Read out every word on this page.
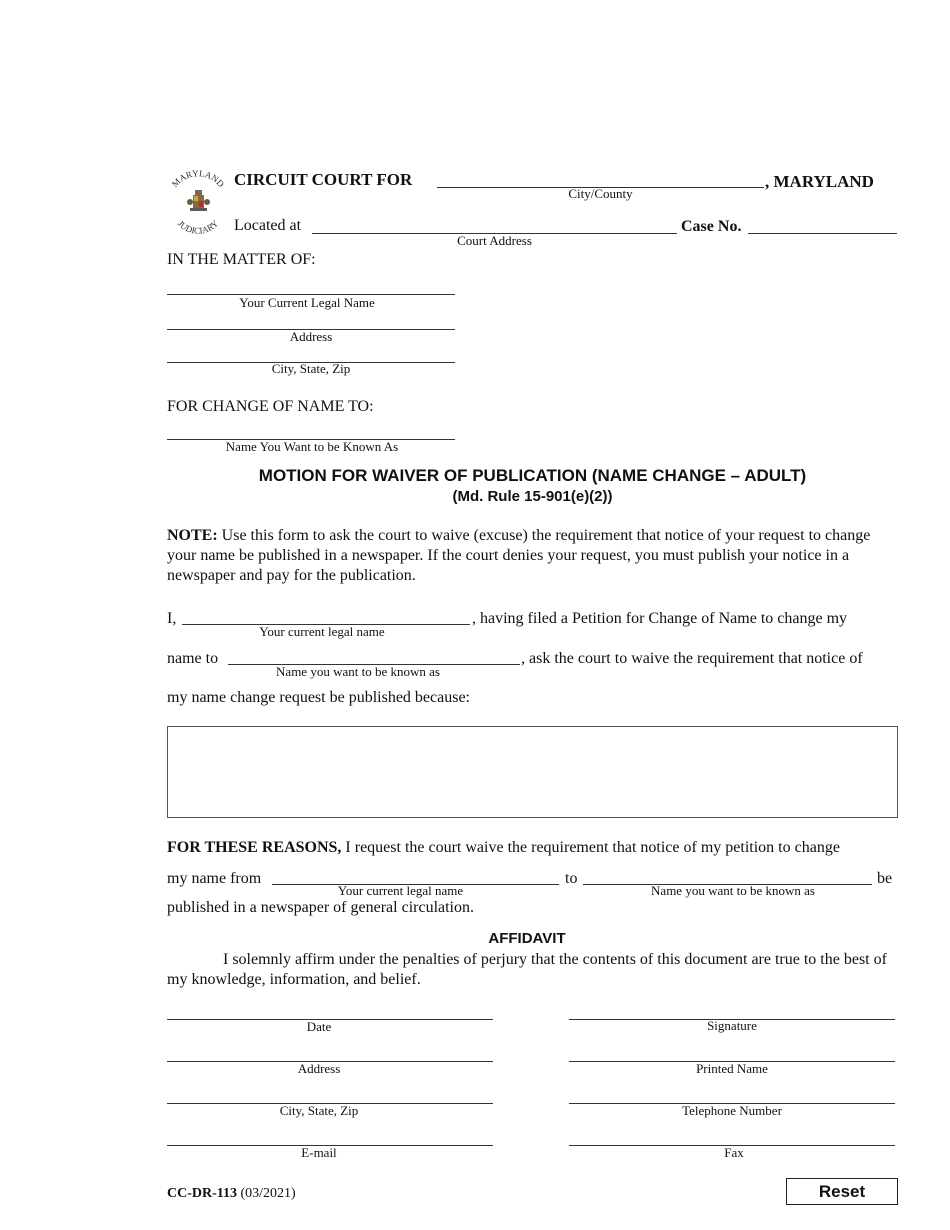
MARYLAND
JUDICIARY
CIRCUIT COURT FOR
City/County
, MARYLAND
Located at
Court Address
Case No.
IN THE MATTER OF:
Your Current Legal Name
Address
City, State, Zip
FOR CHANGE OF NAME TO:
Name You Want to be Known As
MOTION FOR WAIVER OF PUBLICATION (NAME CHANGE – ADULT)
(Md. Rule 15-901(e)(2))
NOTE: Use this form to ask the court to waive (excuse) the requirement that notice of your request to change your name be published in a newspaper. If the court denies your request, you must publish your notice in a newspaper and pay for the publication.
I,
Your current legal name
, having filed a Petition for Change of Name to change my
name to
Name you want to be known as
, ask the court to waive the requirement that notice of
my name change request be published because:
FOR THESE REASONS, I request the court waive the requirement that notice of my petition to change
my name from
Your current legal name
to
Name you want to be known as
be
published in a newspaper of general circulation.
AFFIDAVIT
I solemnly affirm under the penalties of perjury that the contents of this document are true to the best of my knowledge, information, and belief.
Date
Address
City, State, Zip
E-mail
Signature
Printed Name
Telephone Number
Fax
CC-DR-113 (03/2021)	Reset
